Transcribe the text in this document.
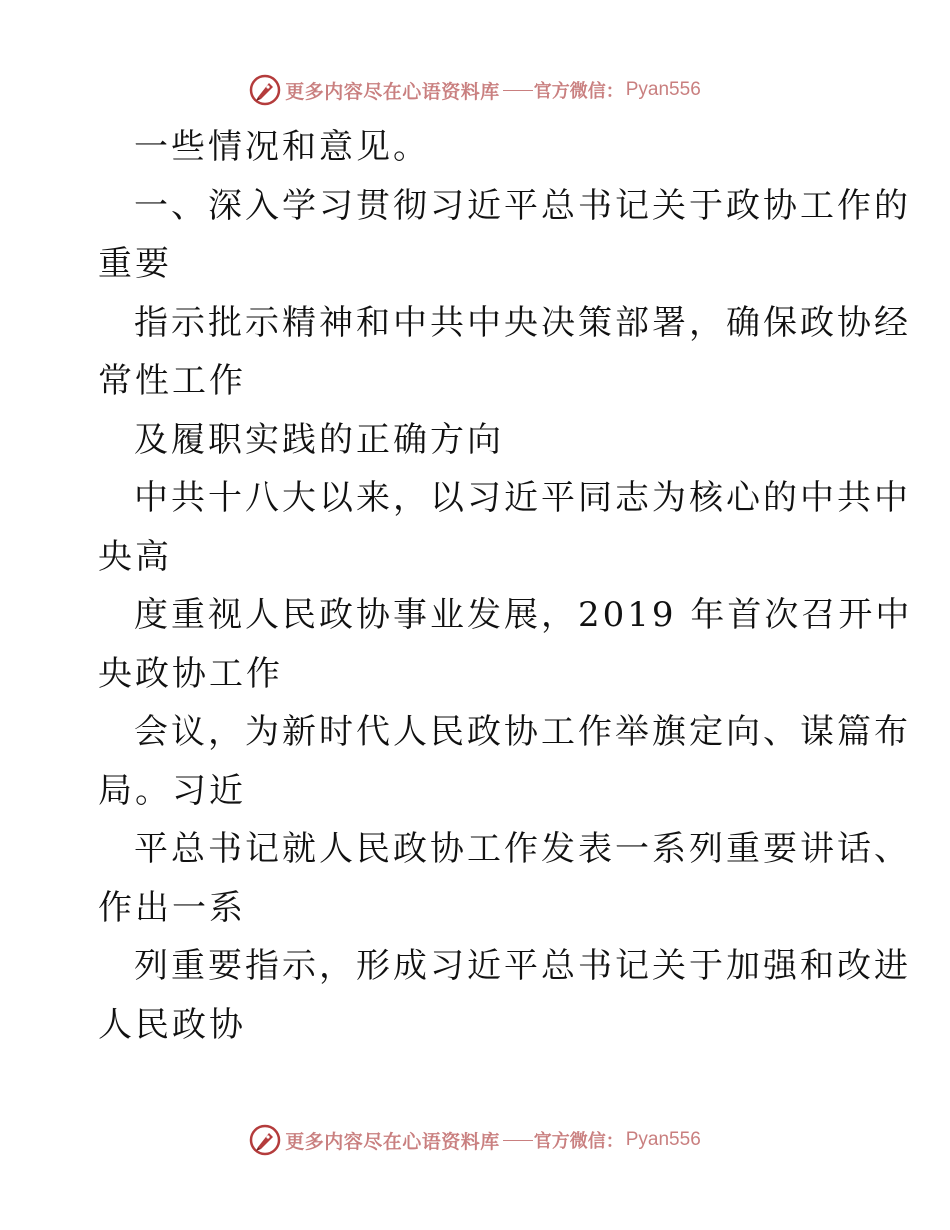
更多内容尽在心语资料库 官方微信： Pyan556
一些情况和意见。
一、深入学习贯彻习近平总书记关于政协工作的
重要
指示批示精神和中共中央决策部署，确保政协经
常性工作
及履职实践的正确方向
中共十八大以来，以习近平同志为核心的中共中
央高
度重视人民政协事业发展，2019 年首次召开中
央政协工作
会议，为新时代人民政协工作举旗定向、谋篇布
局。习近
平总书记就人民政协工作发表一系列重要讲话、
作出一系
列重要指示，形成习近平总书记关于加强和改进
人民政协
更多内容尽在心语资料库 官方微信： Pyan556
